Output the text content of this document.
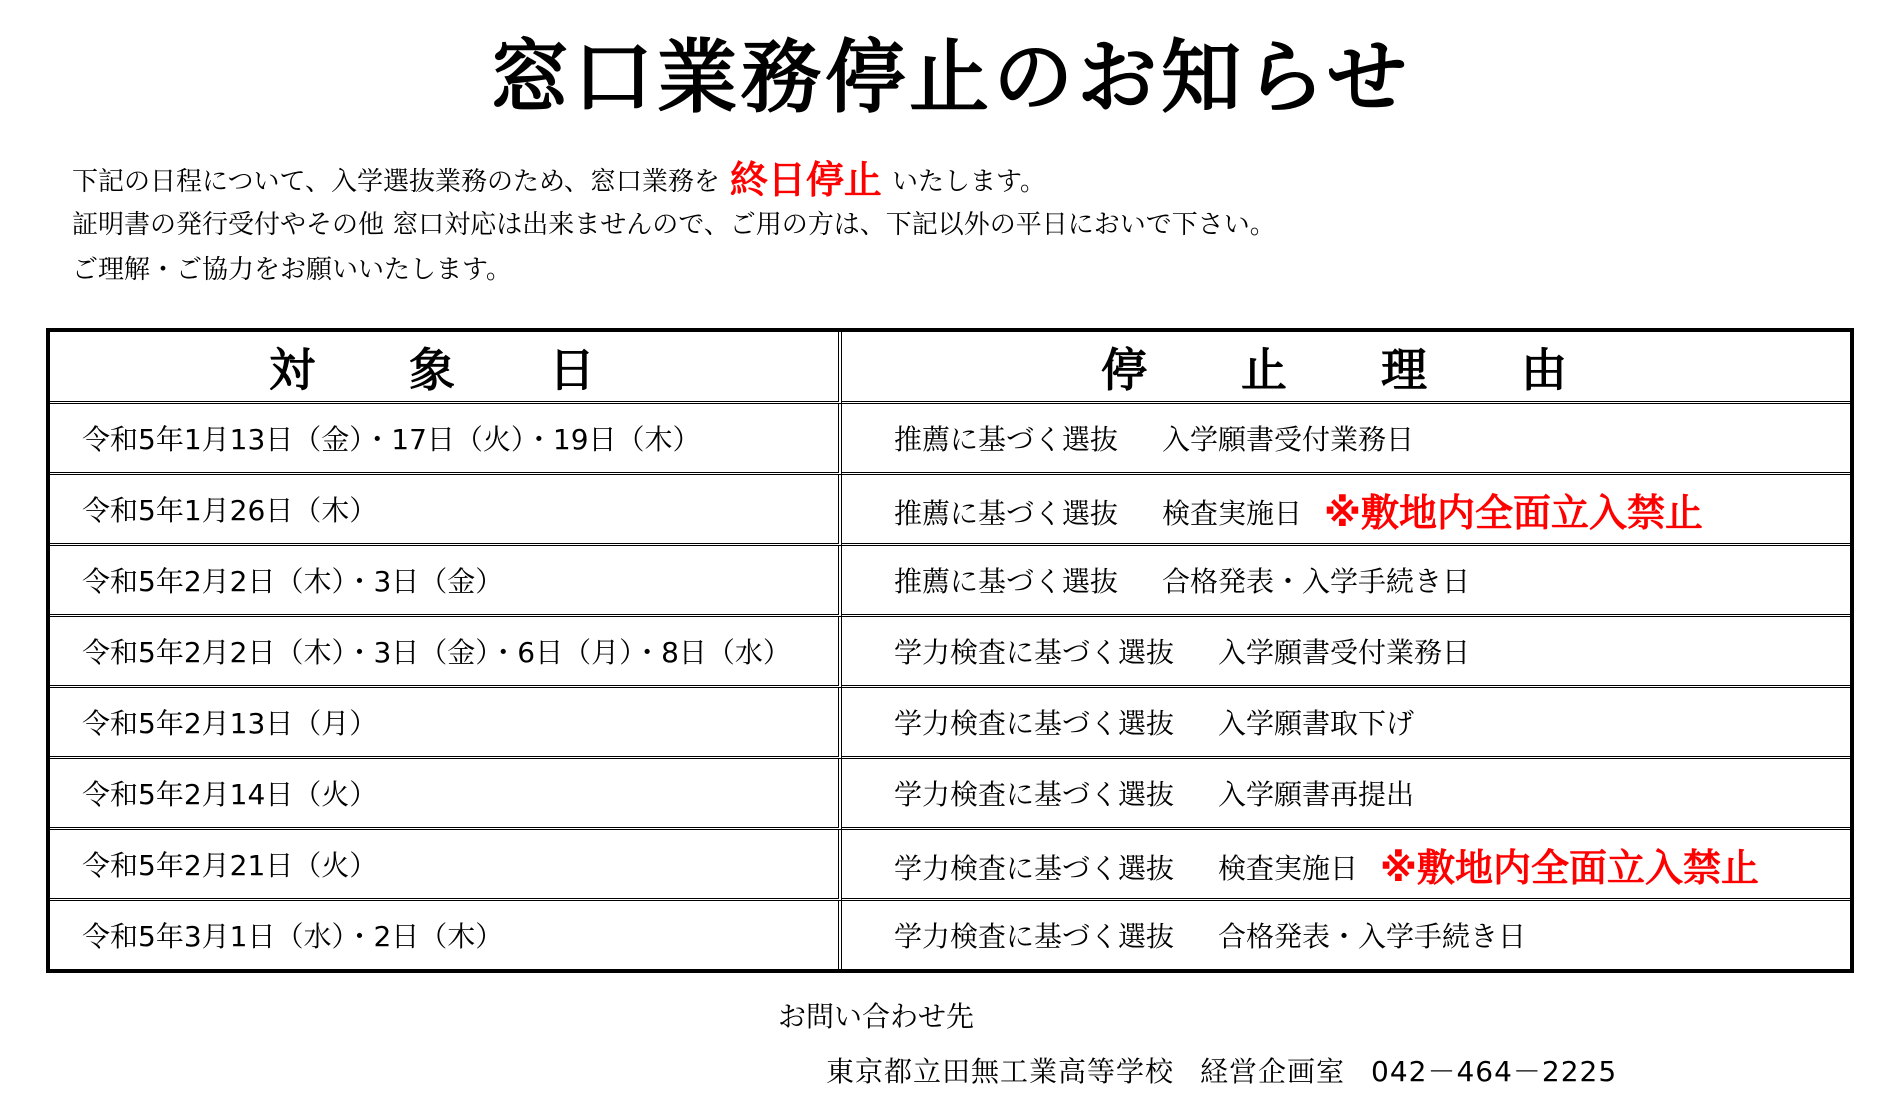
窓口業務停止のお知らせ
下記の日程について、入学選抜業務のため、窓口業務を 終日停止 いたします。
証明書の発行受付やその他 窓口対応は出来ませんので、ご用の方は、下記以外の平日においで下さい。
ご理解・ご協力をお願いいたします。
対　象　日	停　止　理　由
令和5年1月13日（金）・17日（火）・19日（木）	推薦に基づく選抜 入学願書受付業務日
令和5年1月26日（木）	推薦に基づく選抜 検査実施日 ※敷地内全面立入禁止
令和5年2月2日（木）・3日（金）	推薦に基づく選抜 合格発表・入学手続き日
令和5年2月2日（木）・3日（金）・6日（月）・8日（水）	学力検査に基づく選抜 入学願書受付業務日
令和5年2月13日（月）	学力検査に基づく選抜 入学願書取下げ
令和5年2月14日（火）	学力検査に基づく選抜 入学願書再提出
令和5年2月21日（火）	学力検査に基づく選抜 検査実施日 ※敷地内全面立入禁止
令和5年3月1日（水）・2日（木）	学力検査に基づく選抜 合格発表・入学手続き日
お問い合わせ先
東京都立田無工業高等学校 経営企画室 042－464－2225
